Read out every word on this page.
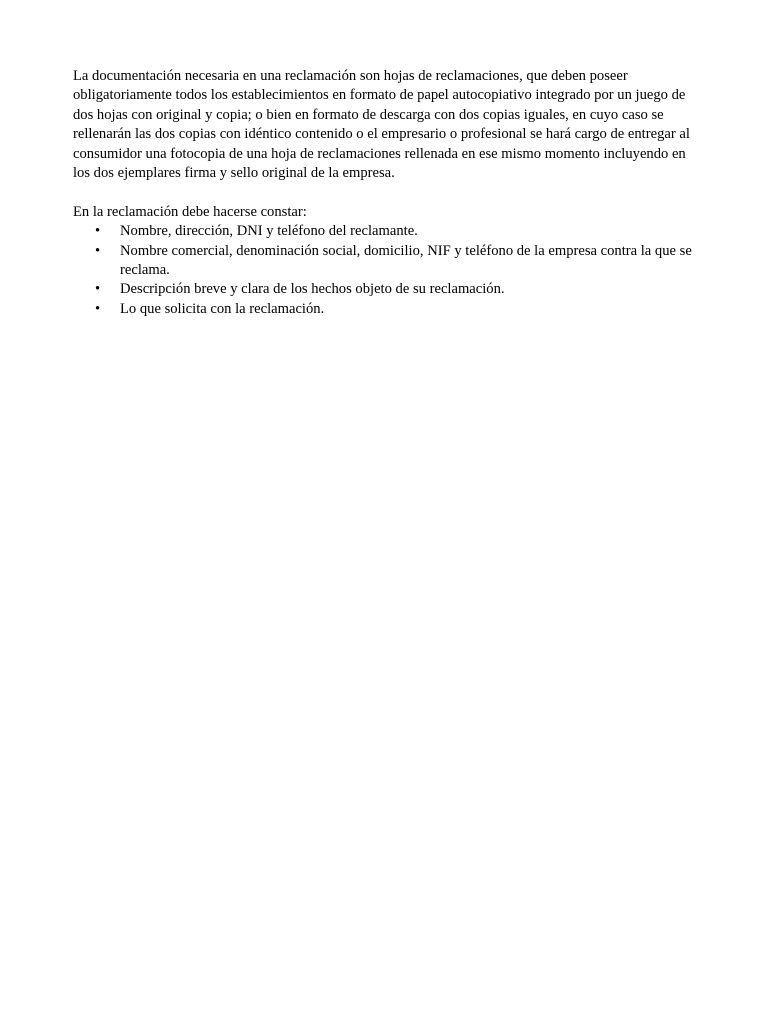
La documentación necesaria en una reclamación son hojas de reclamaciones, que deben poseer obligatoriamente todos los establecimientos en formato de papel autocopiativo integrado por un juego de dos hojas con original y copia; o bien en formato de descarga con dos copias iguales, en cuyo caso se rellenarán las dos copias con idéntico contenido o el empresario o profesional se hará cargo de entregar al consumidor una fotocopia de una hoja de reclamaciones rellenada en ese mismo momento incluyendo en los dos ejemplares firma y sello original de la empresa.

En la reclamación debe hacerse constar:

• Nombre, dirección, DNI y teléfono del reclamante.
• Nombre comercial, denominación social, domicilio, NIF y teléfono de la empresa contra la que se reclama.
• Descripción breve y clara de los hechos objeto de su reclamación.
• Lo que solicita con la reclamación.
